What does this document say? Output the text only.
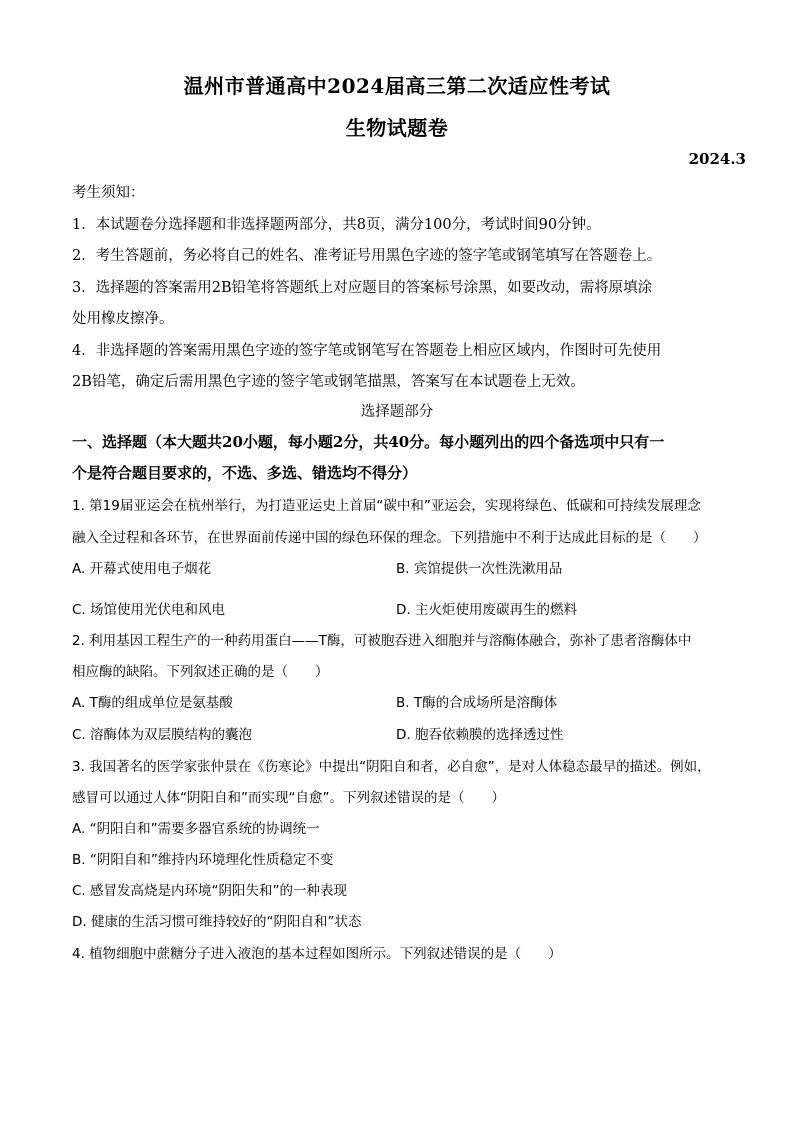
温州市普通高中2024届高三第二次适应性考试
生物试题卷
2024.3
考生须知：
1．本试题卷分选择题和非选择题两部分，共8页，满分100分，考试时间90分钟。
2．考生答题前，务必将自己的姓名、准考证号用黑色字迹的签字笔或钢笔填写在答题卷上。
3．选择题的答案需用2B铅笔将答题纸上对应题目的答案标号涂黑，如要改动，需将原填涂
处用橡皮擦净。
4．非选择题的答案需用黑色字迹的签字笔或钢笔写在答题卷上相应区域内，作图时可先使用
2B铅笔，确定后需用黑色字迹的签字笔或钢笔描黑，答案写在本试题卷上无效。
选择题部分
一、选择题（本大题共20小题，每小题2分，共40分。每小题列出的四个备选项中只有一
个是符合题目要求的，不选、多选、错选均不得分）
1. 第19届亚运会在杭州举行，为打造亚运史上首届“碳中和”亚运会，实现将绿色、低碳和可持续发展理念
融入全过程和各环节，在世界面前传递中国的绿色环保的理念。下列措施中不利于达成此目标的是（　　）
A. 开幕式使用电子烟花	B. 宾馆提供一次性洗漱用品
C. 场馆使用光伏电和风电	D. 主火炬使用废碳再生的燃料
2. 利用基因工程生产的一种药用蛋白——T酶，可被胞吞进入细胞并与溶酶体融合，弥补了患者溶酶体中
相应酶的缺陷。下列叙述正确的是（　　）
A. T酶的组成单位是氨基酸	B. T酶的合成场所是溶酶体
C. 溶酶体为双层膜结构的囊泡	D. 胞吞依赖膜的选择透过性
3. 我国著名的医学家张仲景在《伤寒论》中提出“阴阳自和者，必自愈”，是对人体稳态最早的描述。例如，
感冒可以通过人体“阴阳自和”而实现“自愈”。下列叙述错误的是（　　）
A. “阴阳自和”需要多器官系统的协调统一
B. “阴阳自和”维持内环境理化性质稳定不变
C. 感冒发高烧是内环境“阴阳失和”的一种表现
D. 健康的生活习惯可维持较好的“阴阳自和”状态
4. 植物细胞中蔗糖分子进入液泡的基本过程如图所示。下列叙述错误的是（　　）
